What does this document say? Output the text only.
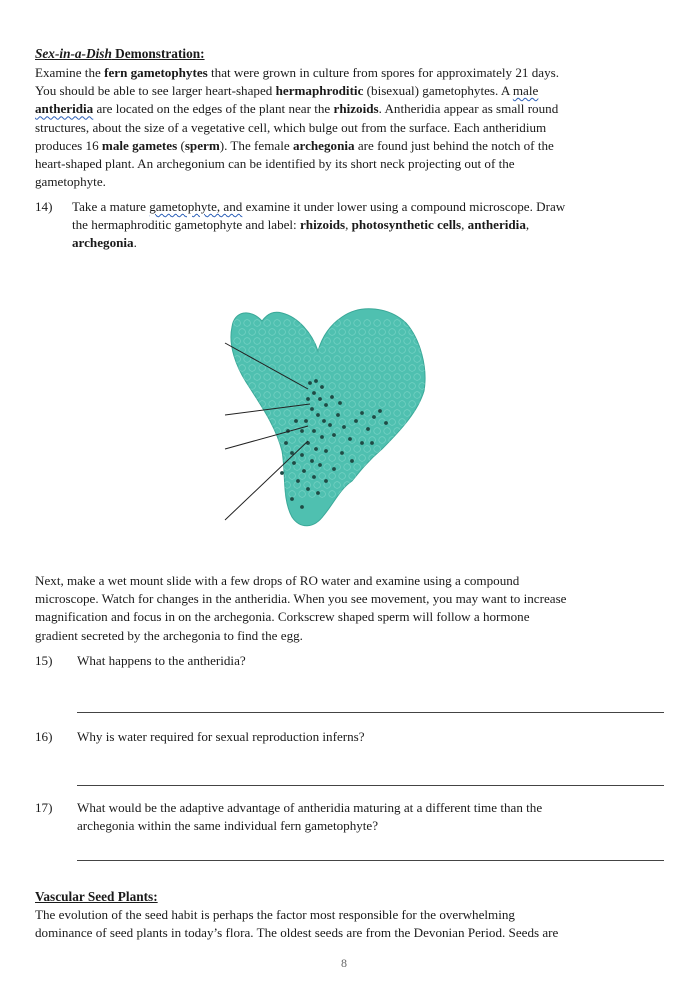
Sex-in-a-Dish Demonstration:
Examine the fern gametophytes that were grown in culture from spores for approximately 21 days.
You should be able to see larger heart-shaped hermaphroditic (bisexual) gametophytes. A male
antheridia are located on the edges of the plant near the rhizoids. Antheridia appear as small round
structures, about the size of a vegetative cell, which bulge out from the surface. Each antheridium
produces 16 male gametes (sperm). The female archegonia are found just behind the notch of the
heart-shaped plant. An archegonium can be identified by its short neck projecting out of the
gametophyte.
14) Take a mature gametophyte, and examine it under lower using a compound microscope. Draw
the hermaphroditic gametophyte and label: rhizoids, photosynthetic cells, antheridia,
archegonia.
Next, make a wet mount slide with a few drops of RO water and examine using a compound
microscope. Watch for changes in the antheridia. When you see movement, you may want to increase
magnification and focus in on the archegonia. Corkscrew shaped sperm will follow a hormone
gradient secreted by the archegonia to find the egg.
15) What happens to the antheridia?
16) Why is water required for sexual reproduction inferns?
17) What would be the adaptive advantage of antheridia maturing at a different time than the
archegonia within the same individual fern gametophyte?
Vascular Seed Plants:
The evolution of the seed habit is perhaps the factor most responsible for the overwhelming
dominance of seed plants in today’s flora. The oldest seeds are from the Devonian Period. Seeds are
8
